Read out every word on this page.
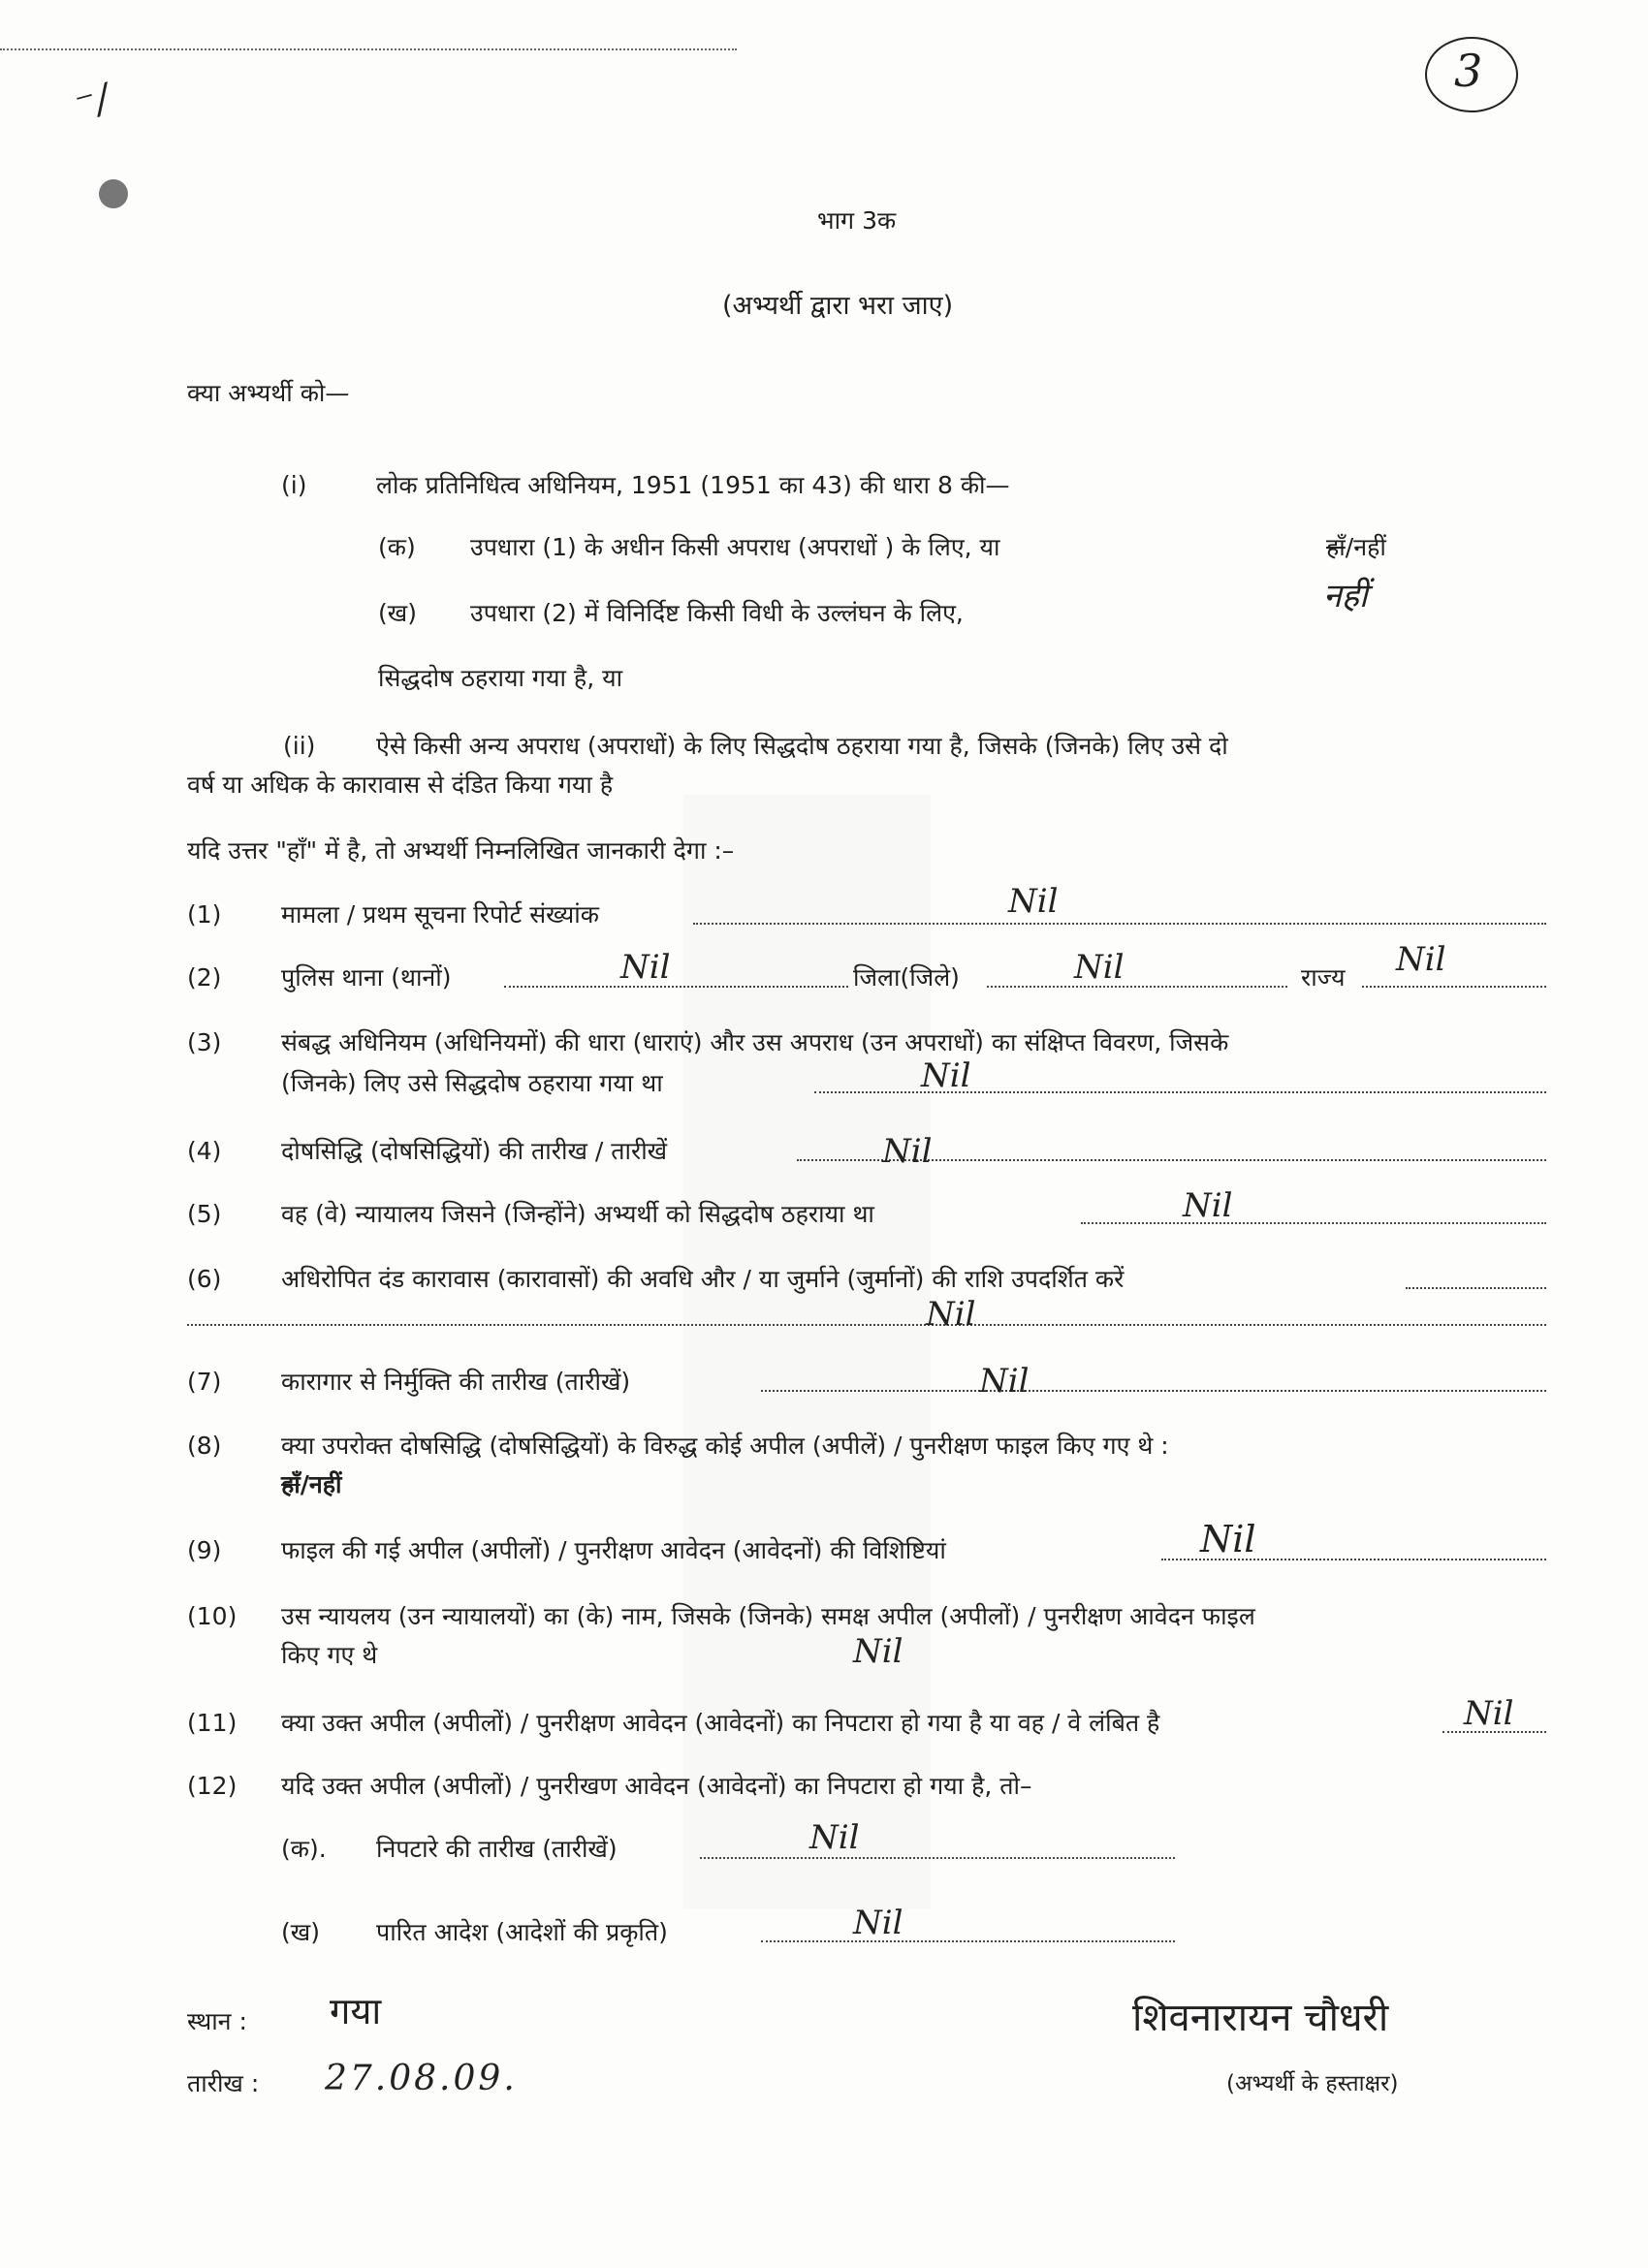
3
⁻/
भाग 3क
(अभ्यर्थी द्वारा भरा जाए)
क्या अभ्यर्थी को—
(i)	लोक प्रतिनिधित्व अधिनियम, 1951 (1951 का 43) की धारा 8 की—
(क) उपधारा (1) के अधीन किसी अपराध (अपराधों ) के लिए, या	हाँ/नहीं
(ख) उपधारा (2) में विनिर्दिष्ट किसी विधी के उल्लंघन के लिए,	नहीं
सिद्धदोष ठहराया गया है, या
(ii)	ऐसे किसी अन्य अपराध (अपराधों) के लिए सिद्धदोष ठहराया गया है, जिसके (जिनके) लिए उसे दो
वर्ष या अधिक के कारावास से दंडित किया गया है
यदि उत्तर "हाँ" में है, तो अभ्यर्थी निम्नलिखित जानकारी देगा :–
(1) मामला / प्रथम सूचना रिपोर्ट संख्यांक	Nil
(2) पुलिस थाना (थानों)	Nil	जिला(जिले)	Nil	राज्य Nil
(3) संबद्ध अधिनियम (अधिनियमों) की धारा (धाराएं) और उस अपराध (उन अपराधों) का संक्षिप्त विवरण, जिसके
(जिनके) लिए उसे सिद्धदोष ठहराया गया था	Nil
(4) दोषसिद्धि (दोषसिद्धियों) की तारीख / तारीखें	Nil
(5) वह (वे) न्यायालय जिसने (जिन्होंने) अभ्यर्थी को सिद्धदोष ठहराया था	Nil
(6) अधिरोपित दंड कारावास (कारावासों) की अवधि और / या जुर्माने (जुर्मानों) की राशि उपदर्शित करें
Nil
(7) कारागार से निर्मुक्ति की तारीख (तारीखें)	Nil
(8) क्या उपरोक्त दोषसिद्धि (दोषसिद्धियों) के विरुद्ध कोई अपील (अपीलें) / पुनरीक्षण फाइल किए गए थे :
हाँ/नहीं
(9) फाइल की गई अपील (अपीलों) / पुनरीक्षण आवेदन (आवेदनों) की विशिष्टियां	Nil
(10) उस न्यायलय (उन न्यायालयों) का (के) नाम, जिसके (जिनके) समक्ष अपील (अपीलों) / पुनरीक्षण आवेदन फाइल
किए गए थे	Nil
(11) क्या उक्त अपील (अपीलों) / पुनरीक्षण आवेदन (आवेदनों) का निपटारा हो गया है या वह / वे लंबित है	Nil
(12) यदि उक्त अपील (अपीलों) / पुनरीखण आवेदन (आवेदनों) का निपटारा हो गया है, तो–
(क). निपटारे की तारीख (तारीखें)	Nil
(ख) पारित आदेश (आदेशों की प्रकृति)	Nil
स्थान : गया
तारीख : 27.08.09.
शिवनारायन चौधरी
(अभ्यर्थी के हस्ताक्षर)
